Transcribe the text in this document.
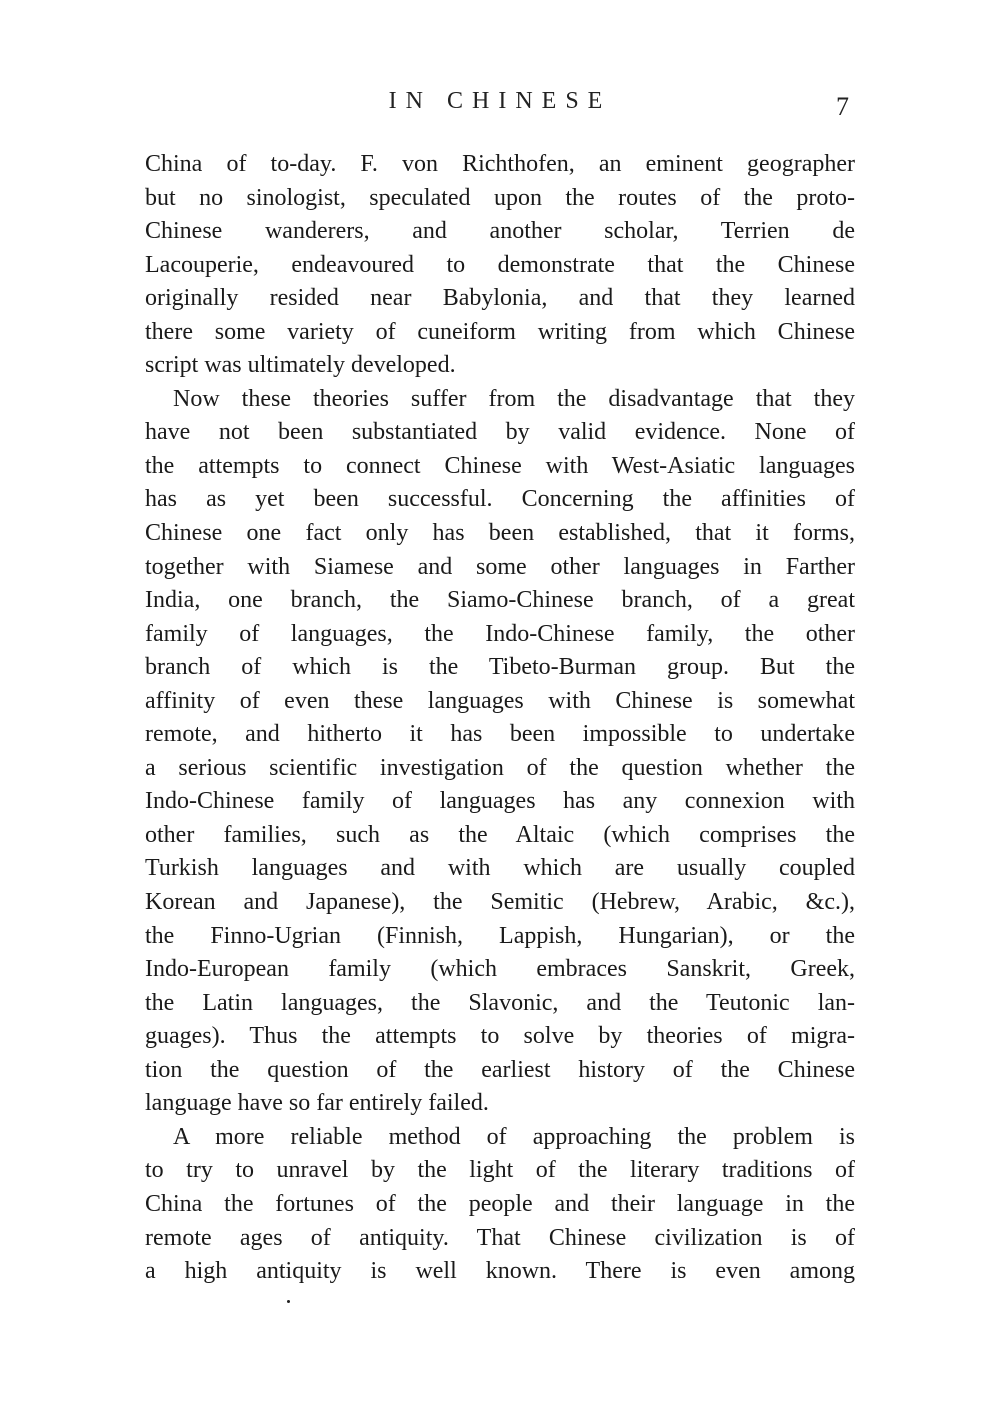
IN CHINESE	7
China of to-day. F. von Richthofen, an eminent geographer
but no sinologist, speculated upon the routes of the proto-
Chinese wanderers, and another scholar, Terrien de
Lacouperie, endeavoured to demonstrate that the Chinese
originally resided near Babylonia, and that they learned
there some variety of cuneiform writing from which Chinese
script was ultimately developed.
Now these theories suffer from the disadvantage that they
have not been substantiated by valid evidence. None of
the attempts to connect Chinese with West-Asiatic languages
has as yet been successful. Concerning the affinities of
Chinese one fact only has been established, that it forms,
together with Siamese and some other languages in Farther
India, one branch, the Siamo-Chinese branch, of a great
family of languages, the Indo-Chinese family, the other
branch of which is the Tibeto-Burman group. But the
affinity of even these languages with Chinese is somewhat
remote, and hitherto it has been impossible to undertake
a serious scientific investigation of the question whether the
Indo-Chinese family of languages has any connexion with
other families, such as the Altaic (which comprises the
Turkish languages and with which are usually coupled
Korean and Japanese), the Semitic (Hebrew, Arabic, &c.),
the Finno-Ugrian (Finnish, Lappish, Hungarian), or the
Indo-European family (which embraces Sanskrit, Greek,
the Latin languages, the Slavonic, and the Teutonic lan-
guages). Thus the attempts to solve by theories of migra-
tion the question of the earliest history of the Chinese
language have so far entirely failed.
A more reliable method of approaching the problem is
to try to unravel by the light of the literary traditions of
China the fortunes of the people and their language in the
remote ages of antiquity. That Chinese civilization is of
a high antiquity is well known. There is even among
